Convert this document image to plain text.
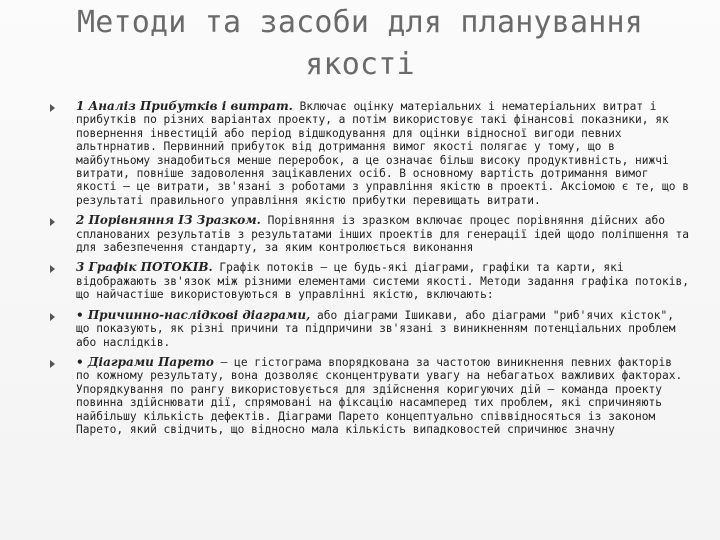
Методи та засоби для планування
якості
1 Аналіз Прибутків і витрат. Включає оцінку матеріальних і нематеріальних витрат і прибутків по різних варіантах проекту, а потім використовує такі фінансові показники, як повернення інвестицій або період відшкодування для оцінки відносної вигоди певних альтнрнатив. Первинний прибуток від дотримання вимог якості полягає у тому, що в майбутньому знадобиться менше переробок, а це означає більш високу продуктивність, нижчі витрати, повніше задоволення зацікавлених осіб. В основному вартість дотримання вимог якості – це витрати, зв'язані з роботами з управління якістю в проекті. Аксіомою є те, що в результаті правильного управління якістю прибутки перевищать витрати.
2 Порівняння ІЗ Зразком. Порівняння із зразком включає процес порівняння дійсних або спланованих результатів з результатами інших проектів для генерації ідей щодо поліпшення та для забезпечення стандарту, за яким контролюється виконання
3 Графік ПОТОКІВ. Графік потоків – це будь-які діаграми, графіки та карти, які відображають зв'язок між різними елементами системи якості. Методи задання графіка потоків, що найчастіше використовуються в управлінні якістю, включають:
• Причинно-наслідкові діаграми, або діаграми Ішикави, або діаграми "риб'ячих кісток", що показують, як різні причини та підпричини зв'язані з виникненням потенціальних проблем або наслідків.
• Діаграми Парето – це гістограма впорядкована за частотою виникнення певних факторів по кожному результату, вона дозволяє сконцентрувати увагу на небагатьох важливих факторах. Упорядкування по рангу використовується для здійснення коригуючих дій – команда проекту повинна здійснювати дії, спрямовані на фіксацію насамперед тих проблем, які спричиняють найбільшу кількість дефектів. Діаграми Парето концептуально співвідносяться із законом Парето, який свідчить, що відносно мала кількість випадковостей спричинює значну
